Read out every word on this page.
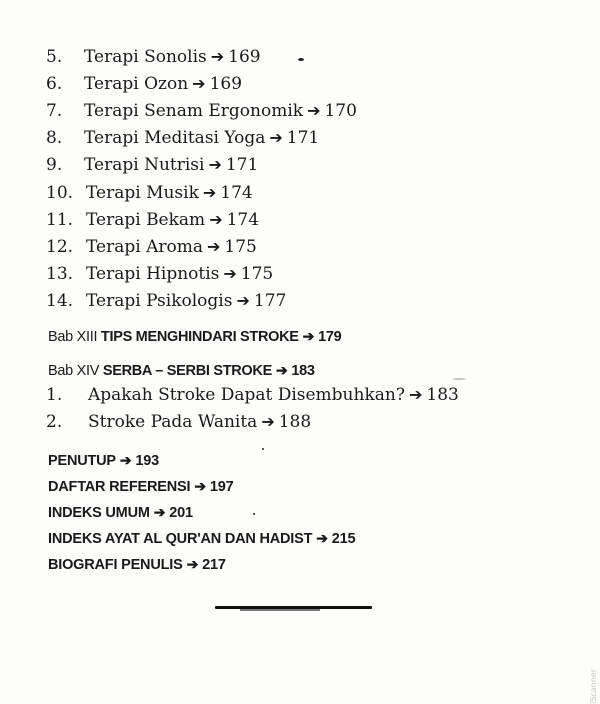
5. Terapi Sonolis ➔ 169
6. Terapi Ozon ➔ 169
7. Terapi Senam Ergonomik ➔ 170
8. Terapi Meditasi Yoga ➔ 171
9. Terapi Nutrisi ➔ 171
10. Terapi Musik ➔ 174
11. Terapi Bekam ➔ 174
12. Terapi Aroma ➔ 175
13. Terapi Hipnotis ➔ 175
14. Terapi Psikologis ➔ 177
Bab XIII TIPS MENGHINDARI STROKE ➔ 179
Bab XIV SERBA – SERBI STROKE ➔ 183
1. Apakah Stroke Dapat Disembuhkan? ➔ 183
2. Stroke Pada Wanita ➔ 188
PENUTUP ➔ 193
DAFTAR REFERENSI ➔ 197
INDEKS UMUM ➔ 201
INDEKS AYAT AL QUR'AN DAN HADIST ➔ 215
BIOGRAFI PENULIS ➔ 217
iScanner
